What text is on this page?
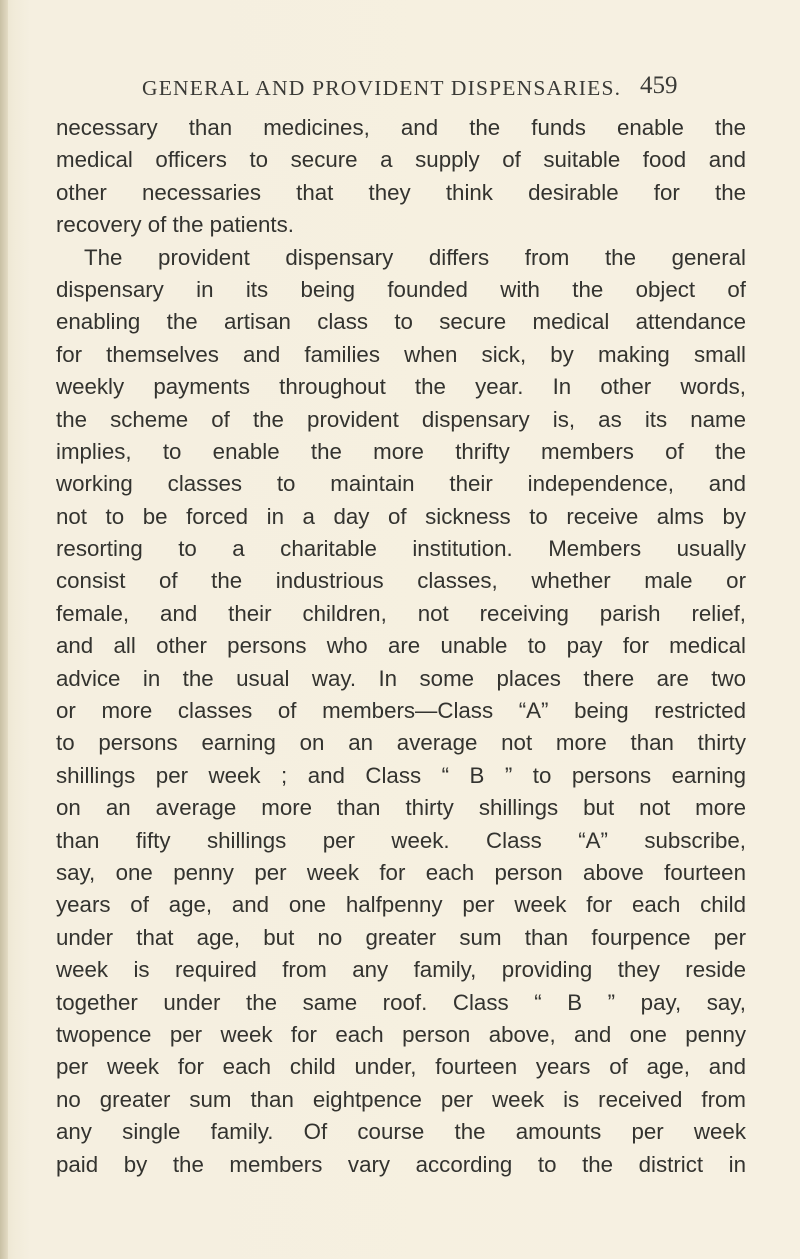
GENERAL AND PROVIDENT DISPENSARIES. 459
necessary than medicines, and the funds enable the
medical officers to secure a supply of suitable food and
other necessaries that they think desirable for the
recovery of the patients.
The provident dispensary differs from the general
dispensary in its being founded with the object of
enabling the artisan class to secure medical attendance
for themselves and families when sick, by making small
weekly payments throughout the year. In other words,
the scheme of the provident dispensary is, as its name
implies, to enable the more thrifty members of the
working classes to maintain their independence, and
not to be forced in a day of sickness to receive alms by
resorting to a charitable institution. Members usually
consist of the industrious classes, whether male or
female, and their children, not receiving parish relief,
and all other persons who are unable to pay for medical
advice in the usual way. In some places there are two
or more classes of members—Class “A” being restricted
to persons earning on an average not more than thirty
shillings per week ; and Class “ B ” to persons earning
on an average more than thirty shillings but not more
than fifty shillings per week. Class “A” subscribe,
say, one penny per week for each person above fourteen
years of age, and one halfpenny per week for each child
under that age, but no greater sum than fourpence per
week is required from any family, providing they reside
together under the same roof. Class “ B ” pay, say,
twopence per week for each person above, and one penny
per week for each child under, fourteen years of age, and
no greater sum than eightpence per week is received from
any single family. Of course the amounts per week
paid by the members vary according to the district in
